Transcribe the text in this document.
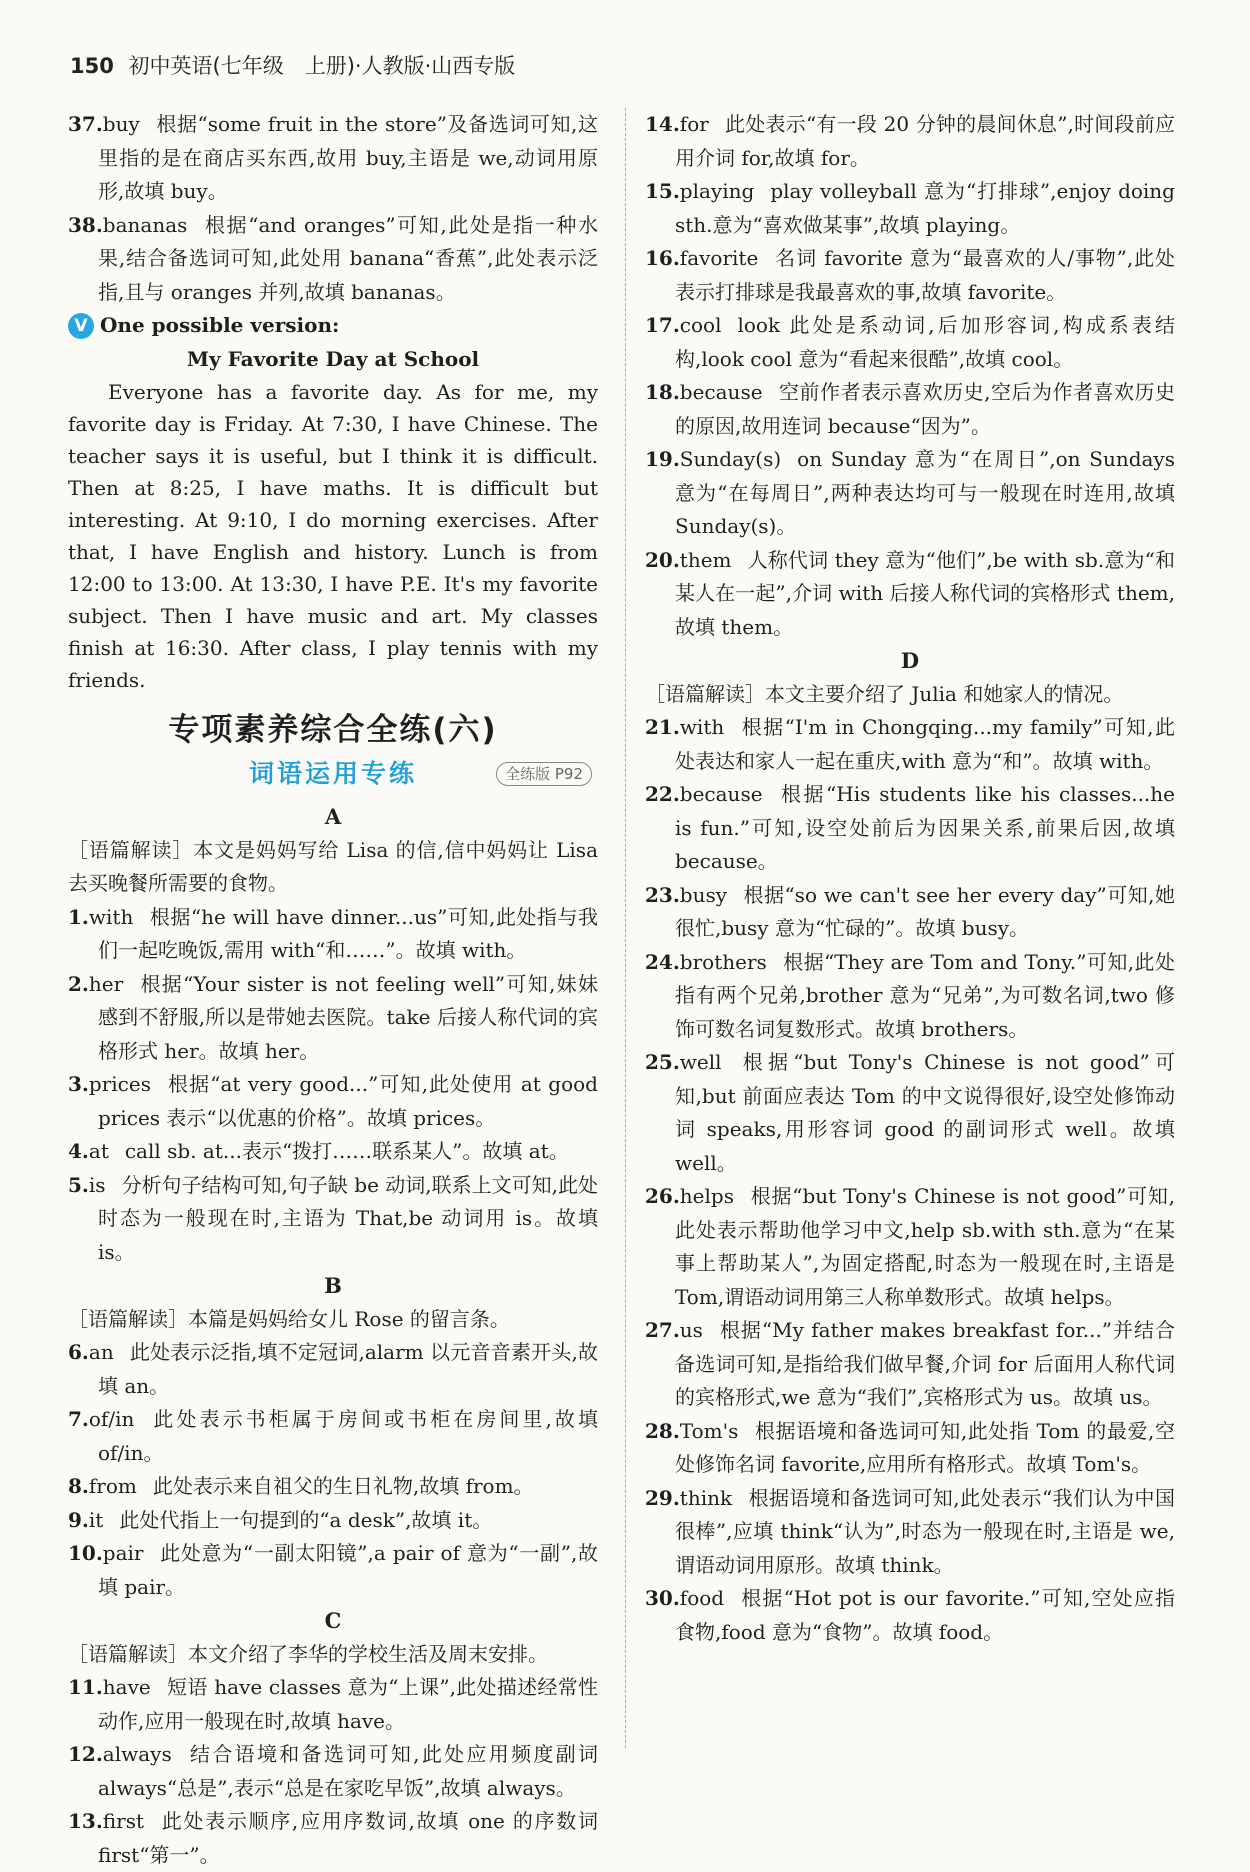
150 初中英语(七年级　上册)·人教版·山西专版

37.buy 根据“some fruit in the store”及备选词可知,这里指的是在商店买东西,故用 buy,主语是 we,动词用原形,故填 buy。

38.bananas 根据“and oranges”可知,此处是指一种水果,结合备选词可知,此处用 banana“香蕉”,此处表示泛指,且与 oranges 并列,故填 bananas。

V One possible version:

My Favorite Day at School

Everyone has a favorite day. As for me, my favorite day is Friday. At 7:30, I have Chinese. The teacher says it is useful, but I think it is difficult. Then at 8:25, I have maths. It is difficult but interesting. At 9:10, I do morning exercises. After that, I have English and history. Lunch is from 12:00 to 13:00. At 13:30, I have P.E. It's my favorite subject. Then I have music and art. My classes finish at 16:30. After class, I play tennis with my friends.

专项素养综合全练(六)
词语运用专练	全练版 P92

A

［语篇解读］本文是妈妈写给 Lisa 的信,信中妈妈让 Lisa 去买晚餐所需要的食物。

1.with 根据“he will have dinner...us”可知,此处指与我们一起吃晚饭,需用 with“和……”。故填 with。

2.her 根据“Your sister is not feeling well”可知,妹妹感到不舒服,所以是带她去医院。take 后接人称代词的宾格形式 her。故填 her。

3.prices 根据“at very good...”可知,此处使用 at good prices 表示“以优惠的价格”。故填 prices。

4.at call sb. at...表示“拨打……联系某人”。故填 at。

5.is 分析句子结构可知,句子缺 be 动词,联系上文可知,此处时态为一般现在时,主语为 That,be 动词用 is。故填 is。

B

［语篇解读］本篇是妈妈给女儿 Rose 的留言条。

6.an 此处表示泛指,填不定冠词,alarm 以元音音素开头,故填 an。

7.of/in 此处表示书柜属于房间或书柜在房间里,故填 of/in。

8.from 此处表示来自祖父的生日礼物,故填 from。

9.it 此处代指上一句提到的“a desk”,故填 it。

10.pair 此处意为“一副太阳镜”,a pair of 意为“一副”,故填 pair。

C

［语篇解读］本文介绍了李华的学校生活及周末安排。

11.have 短语 have classes 意为“上课”,此处描述经常性动作,应用一般现在时,故填 have。

12.always 结合语境和备选词可知,此处应用频度副词 always“总是”,表示“总是在家吃早饭”,故填 always。

13.first 此处表示顺序,应用序数词,故填 one 的序数词 first“第一”。

14.for 此处表示“有一段 20 分钟的晨间休息”,时间段前应用介词 for,故填 for。

15.playing play volleyball 意为“打排球”,enjoy doing sth.意为“喜欢做某事”,故填 playing。

16.favorite 名词 favorite 意为“最喜欢的人/事物”,此处表示打排球是我最喜欢的事,故填 favorite。

17.cool look 此处是系动词,后加形容词,构成系表结构,look cool 意为“看起来很酷”,故填 cool。

18.because 空前作者表示喜欢历史,空后为作者喜欢历史的原因,故用连词 because“因为”。

19.Sunday(s) on Sunday 意为“在周日”,on Sundays 意为“在每周日”,两种表达均可与一般现在时连用,故填 Sunday(s)。

20.them 人称代词 they 意为“他们”,be with sb.意为“和某人在一起”,介词 with 后接人称代词的宾格形式 them,故填 them。

D

［语篇解读］本文主要介绍了 Julia 和她家人的情况。

21.with 根据“I'm in Chongqing...my family”可知,此处表达和家人一起在重庆,with 意为“和”。故填 with。

22.because 根据“His students like his classes...he is fun.”可知,设空处前后为因果关系,前果后因,故填 because。

23.busy 根据“so we can't see her every day”可知,她很忙,busy 意为“忙碌的”。故填 busy。

24.brothers 根据“They are Tom and Tony.”可知,此处指有两个兄弟,brother 意为“兄弟”,为可数名词,two 修饰可数名词复数形式。故填 brothers。

25.well 根据“but Tony's Chinese is not good”可知,but 前面应表达 Tom 的中文说得很好,设空处修饰动词 speaks,用形容词 good 的副词形式 well。故填 well。

26.helps 根据“but Tony's Chinese is not good”可知,此处表示帮助他学习中文,help sb.with sth.意为“在某事上帮助某人”,为固定搭配,时态为一般现在时,主语是 Tom,谓语动词用第三人称单数形式。故填 helps。

27.us 根据“My father makes breakfast for...”并结合备选词可知,是指给我们做早餐,介词 for 后面用人称代词的宾格形式,we 意为“我们”,宾格形式为 us。故填 us。

28.Tom's 根据语境和备选词可知,此处指 Tom 的最爱,空处修饰名词 favorite,应用所有格形式。故填 Tom's。

29.think 根据语境和备选词可知,此处表示“我们认为中国很棒”,应填 think“认为”,时态为一般现在时,主语是 we,谓语动词用原形。故填 think。

30.food 根据“Hot pot is our favorite.”可知,空处应指食物,food 意为“食物”。故填 food。
